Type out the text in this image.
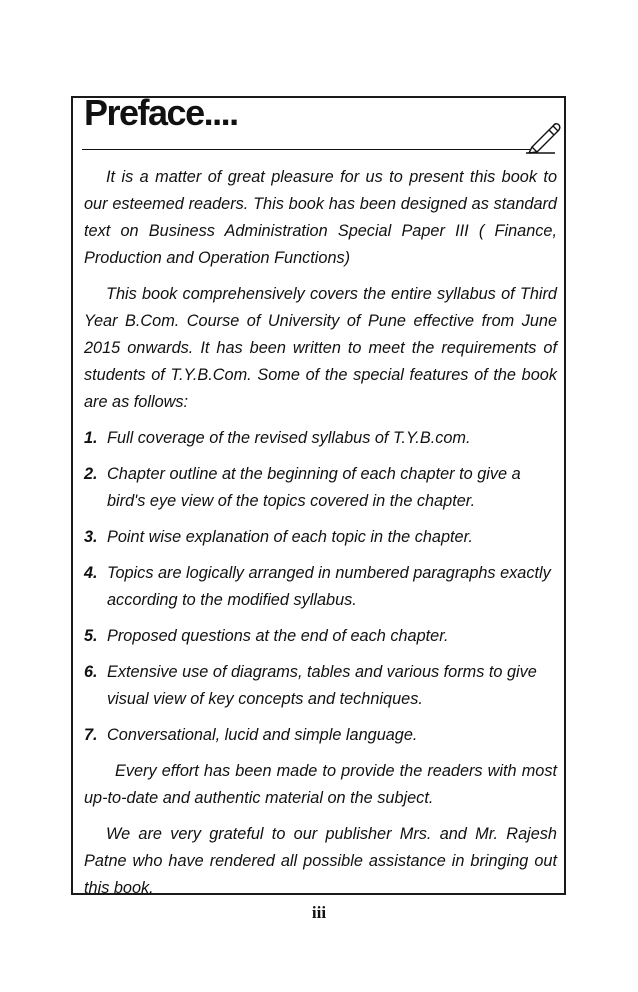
Preface....

It is a matter of great pleasure for us to present this book to our esteemed readers. This book has been designed as standard text on Business Administration Special Paper III ( Finance, Production and Operation Functions)

This book comprehensively covers the entire syllabus of Third Year B.Com. Course of University of Pune effective from June 2015 onwards. It has been written to meet the requirements of students of T.Y.B.Com. Some of the special features of the book are as follows:

1. Full coverage of the revised syllabus of T.Y.B.com.
2. Chapter outline at the beginning of each chapter to give a bird's eye view of the topics covered in the chapter.
3. Point wise explanation of each topic in the chapter.
4. Topics are logically arranged in numbered paragraphs exactly according to the modified syllabus.
5. Proposed questions at the end of each chapter.
6. Extensive use of diagrams, tables and various forms to give visual view of key concepts and techniques.
7. Conversational, lucid and simple language.

Every effort has been made to provide the readers with most up-to-date and authentic material on the subject.

We are very grateful to our publisher Mrs. and Mr. Rajesh Patne who have rendered all possible assistance in bringing out this book.

iii
